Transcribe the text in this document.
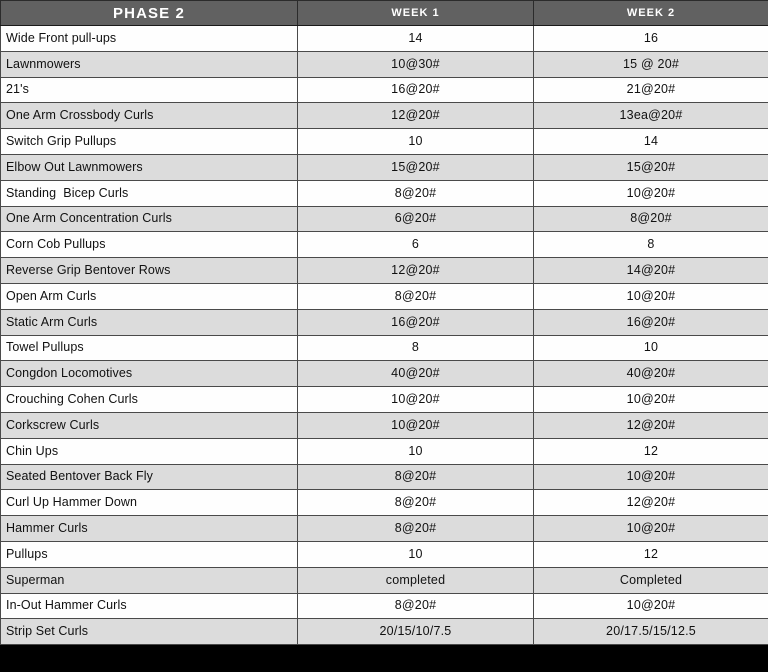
PHASE 2	WEEK 1	WEEK 2
Wide Front pull-ups	14	16
Lawnmowers	10@30#	15 @ 20#
21's	16@20#	21@20#
One Arm Crossbody Curls	12@20#	13ea@20#
Switch Grip Pullups	10	14
Elbow Out Lawnmowers	15@20#	15@20#
Standing  Bicep Curls	8@20#	10@20#
One Arm Concentration Curls	6@20#	8@20#
Corn Cob Pullups	6	8
Reverse Grip Bentover Rows	12@20#	14@20#
Open Arm Curls	8@20#	10@20#
Static Arm Curls	16@20#	16@20#
Towel Pullups	8	10
Congdon Locomotives	40@20#	40@20#
Crouching Cohen Curls	10@20#	10@20#
Corkscrew Curls	10@20#	12@20#
Chin Ups	10	12
Seated Bentover Back Fly	8@20#	10@20#
Curl Up Hammer Down	8@20#	12@20#
Hammer Curls	8@20#	10@20#
Pullups	10	12
Superman	completed	Completed
In-Out Hammer Curls	8@20#	10@20#
Strip Set Curls	20/15/10/7.5	20/17.5/15/12.5
